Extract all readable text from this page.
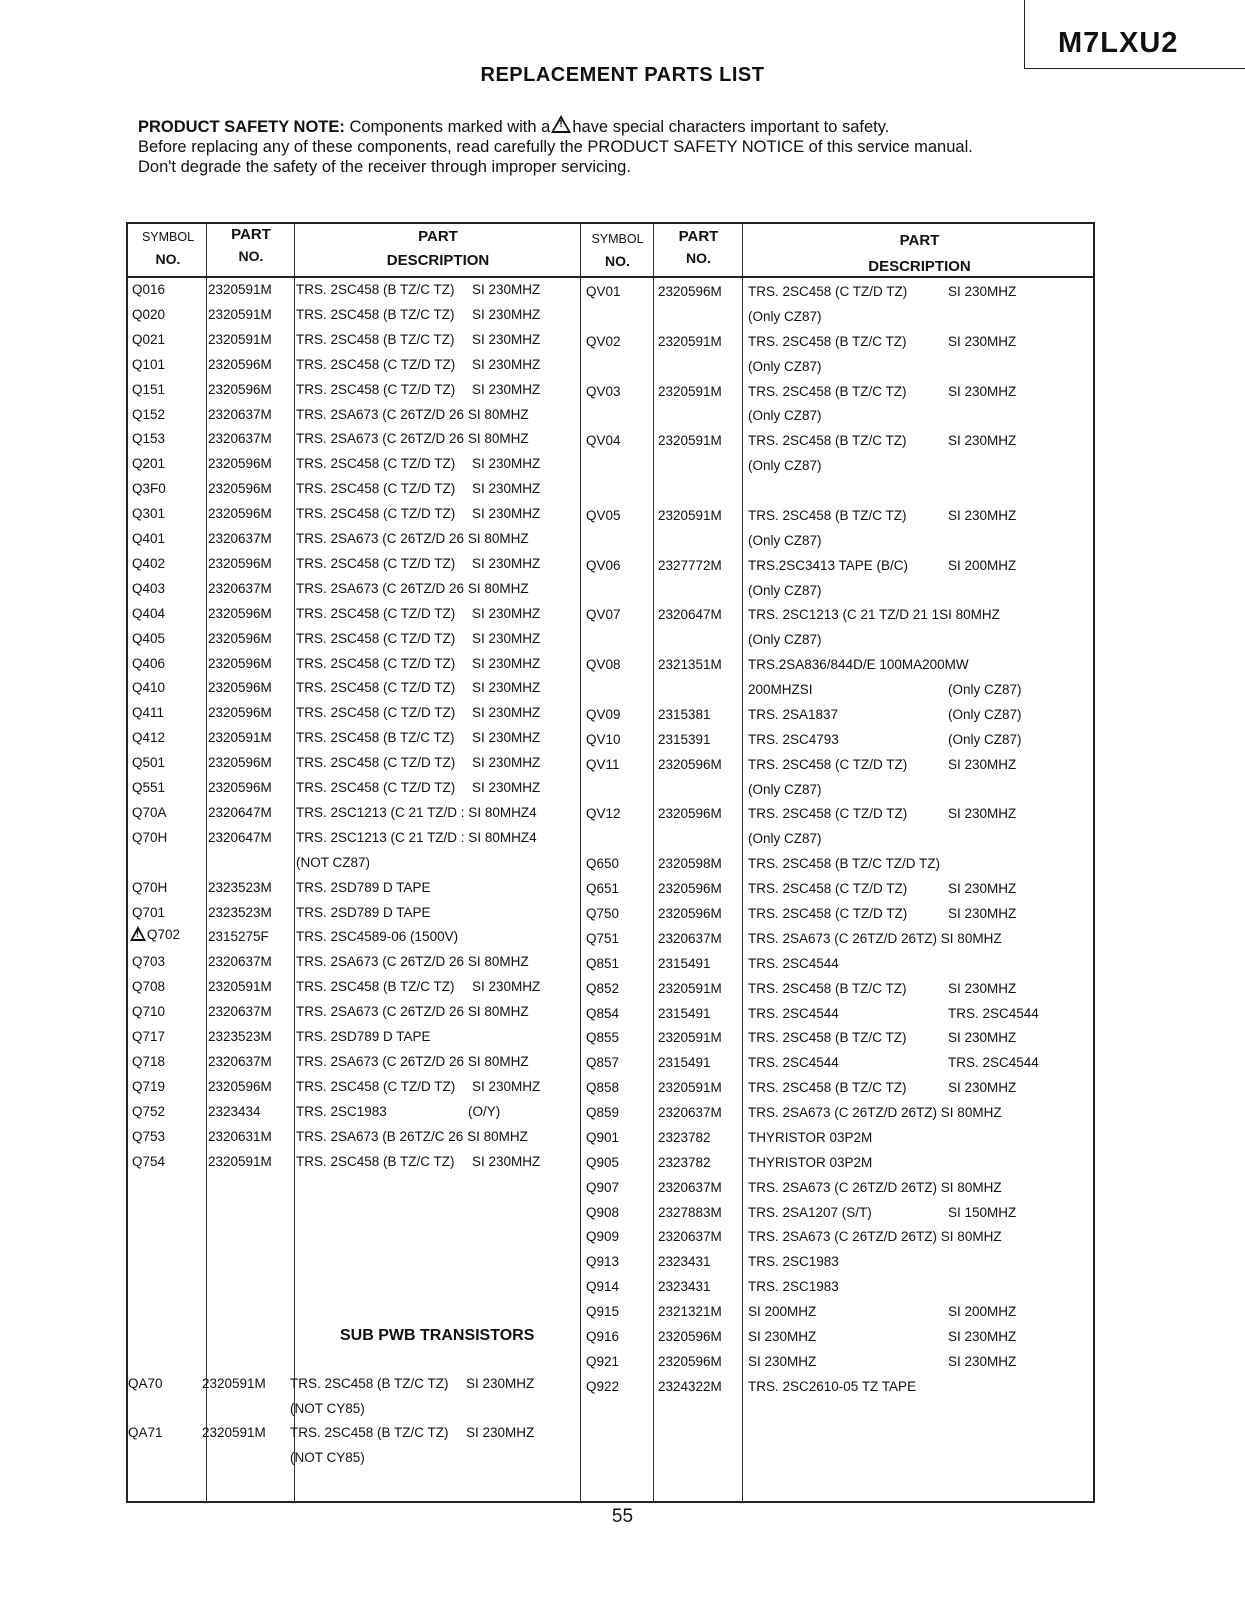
M7LXU2
REPLACEMENT PARTS LIST
PRODUCT SAFETY NOTE: Components marked with a! have special characters important to safety.
Before replacing any of these components, read carefully the PRODUCT SAFETY NOTICE of this service manual.
Don't degrade the safety of the receiver through improper servicing.
SYMBOL
NO.
PART
NO.
PART
DESCRIPTION
SYMBOL
NO.
PART
NO.
PART
DESCRIPTION
Q016	2320591M TRS. 2SC458 (B TZ/C TZ) SI 230MHZ
Q020	2320591M TRS. 2SC458 (B TZ/C TZ) SI 230MHZ
Q021	2320591M TRS. 2SC458 (B TZ/C TZ) SI 230MHZ
Q101	2320596M TRS. 2SC458 (C TZ/D TZ) SI 230MHZ
Q151	2320596M TRS. 2SC458 (C TZ/D TZ) SI 230MHZ
Q152	2320637M TRS. 2SA673 (C 26TZ/D 26 SI 80MHZ
Q153	2320637M TRS. 2SA673 (C 26TZ/D 26 SI 80MHZ
Q201	2320596M TRS. 2SC458 (C TZ/D TZ) SI 230MHZ
Q3F0	2320596M TRS. 2SC458 (C TZ/D TZ) SI 230MHZ
Q301	2320596M TRS. 2SC458 (C TZ/D TZ) SI 230MHZ
Q401	2320637M TRS. 2SA673 (C 26TZ/D 26 SI 80MHZ
Q402	2320596M TRS. 2SC458 (C TZ/D TZ) SI 230MHZ
Q403	2320637M TRS. 2SA673 (C 26TZ/D 26 SI 80MHZ
Q404	2320596M TRS. 2SC458 (C TZ/D TZ) SI 230MHZ
Q405	2320596M TRS. 2SC458 (C TZ/D TZ) SI 230MHZ
Q406	2320596M TRS. 2SC458 (C TZ/D TZ) SI 230MHZ
Q410	2320596M TRS. 2SC458 (C TZ/D TZ) SI 230MHZ
Q411	2320596M TRS. 2SC458 (C TZ/D TZ) SI 230MHZ
Q412	2320591M TRS. 2SC458 (B TZ/C TZ) SI 230MHZ
Q501	2320596M TRS. 2SC458 (C TZ/D TZ) SI 230MHZ
Q551	2320596M TRS. 2SC458 (C TZ/D TZ) SI 230MHZ
Q70A	2320647M TRS. 2SC1213 (C 21 TZ/D : SI 80MHZ4
Q70H	2320647M TRS. 2SC1213 (C 21 TZ/D : SI 80MHZ4
(NOT CZ87)
Q70H	2323523M TRS. 2SD789 D TAPE
Q701	2323523M TRS. 2SD789 D TAPE
!Q702 2315275F TRS. 2SC4589-06 (1500V)
Q703	2320637M TRS. 2SA673 (C 26TZ/D 26 SI 80MHZ
Q708	2320591M TRS. 2SC458 (B TZ/C TZ) SI 230MHZ
Q710	2320637M TRS. 2SA673 (C 26TZ/D 26 SI 80MHZ
Q717	2323523M TRS. 2SD789 D TAPE
Q718	2320637M TRS. 2SA673 (C 26TZ/D 26 SI 80MHZ
Q719	2320596M TRS. 2SC458 (C TZ/D TZ) SI 230MHZ
Q752	2323434	TRS. 2SC1983	(O/Y)
Q753	2320631M TRS. 2SA673 (B 26TZ/C 26 SI 80MHZ
Q754	2320591M TRS. 2SC458 (B TZ/C TZ) SI 230MHZ
QA70	2320591M TRS. 2SC458 (B TZ/C TZ) SI 230MHZ
(NOT CY85)
QA71	2320591M TRS. 2SC458 (B TZ/C TZ) SI 230MHZ
(NOT CY85)
QV01	2320596M TRS. 2SC458 (C TZ/D TZ)	SI 230MHZ
(Only CZ87)
QV02	2320591M TRS. 2SC458 (B TZ/C TZ)	SI 230MHZ
(Only CZ87)
QV03	2320591M TRS. 2SC458 (B TZ/C TZ)	SI 230MHZ
(Only CZ87)
QV04	2320591M TRS. 2SC458 (B TZ/C TZ)	SI 230MHZ
(Only CZ87)
QV05	2320591M TRS. 2SC458 (B TZ/C TZ)	SI 230MHZ
(Only CZ87)
QV06	2327772M TRS.2SC3413 TAPE (B/C)	SI 200MHZ
(Only CZ87)
QV07	2320647M TRS. 2SC1213 (C 21 TZ/D 21 1SI 80MHZ
(Only CZ87)
QV08	2321351M TRS.2SA836/844D/E 100MA200MW
200MHZSI	(Only CZ87)
QV09	2315381	TRS. 2SA1837	(Only CZ87)
QV10	2315391	TRS. 2SC4793	(Only CZ87)
QV11	2320596M TRS. 2SC458 (C TZ/D TZ)	SI 230MHZ
(Only CZ87)
QV12	2320596M TRS. 2SC458 (C TZ/D TZ)	SI 230MHZ
(Only CZ87)
Q650	2320598M TRS. 2SC458 (B TZ/C TZ/D TZ)
Q651	2320596M TRS. 2SC458 (C TZ/D TZ)	SI 230MHZ
Q750	2320596M TRS. 2SC458 (C TZ/D TZ)	SI 230MHZ
Q751	2320637M TRS. 2SA673 (C 26TZ/D 26TZ) SI 80MHZ
Q851	2315491	TRS. 2SC4544
Q852	2320591M TRS. 2SC458 (B TZ/C TZ)	SI 230MHZ
Q854	2315491	TRS. 2SC4544	TRS. 2SC4544
Q855	2320591M TRS. 2SC458 (B TZ/C TZ)	SI 230MHZ
Q857	2315491	TRS. 2SC4544	TRS. 2SC4544
Q858	2320591M TRS. 2SC458 (B TZ/C TZ)	SI 230MHZ
Q859	2320637M TRS. 2SA673 (C 26TZ/D 26TZ) SI 80MHZ
Q901	2323782	THYRISTOR 03P2M
Q905	2323782	THYRISTOR 03P2M
Q907	2320637M TRS. 2SA673 (C 26TZ/D 26TZ) SI 80MHZ
Q908	2327883M TRS. 2SA1207 (S/T)	SI 150MHZ
Q909	2320637M TRS. 2SA673 (C 26TZ/D 26TZ) SI 80MHZ
Q913	2323431	TRS. 2SC1983
Q914	2323431	TRS. 2SC1983
Q915	2321321M SI 200MHZ	SI 200MHZ
Q916	2320596M SI 230MHZ	SI 230MHZ
Q921	2320596M SI 230MHZ	SI 230MHZ
Q922	2324322M TRS. 2SC2610-05 TZ TAPE
SUB PWB TRANSISTORS
55
